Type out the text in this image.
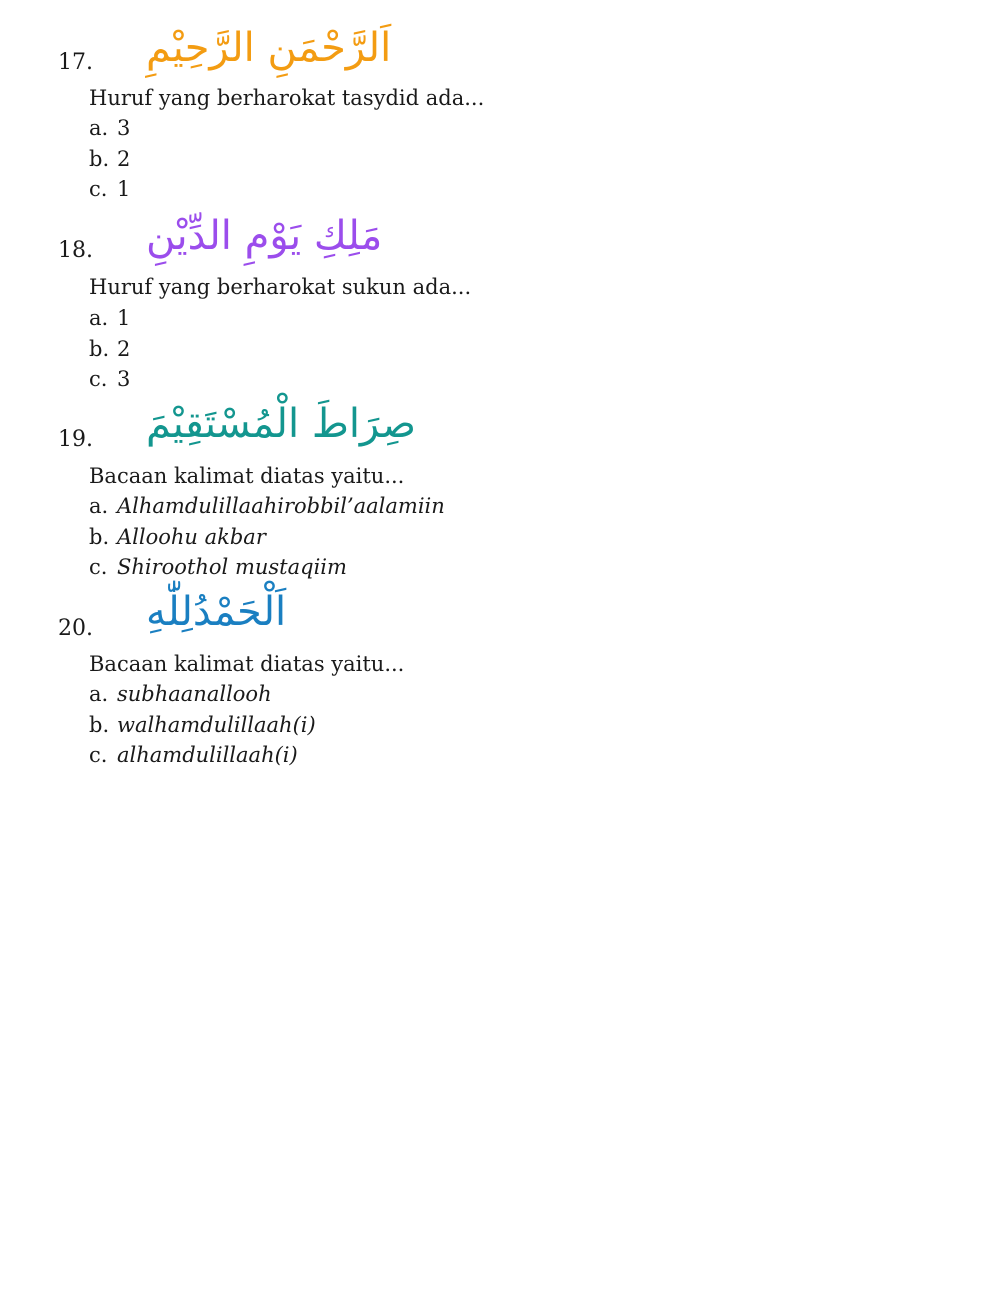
اَلرَّحْمَنِ الرَّحِيْمِ
17.
Huruf yang berharokat tasydid ada...
a. 3
b. 2
c. 1
مَلِكِ يَوْمِ الدِّيْنِ
18.
Huruf yang berharokat sukun ada...
a. 1
b. 2
c. 3
صِرَاطَ الْمُسْتَقِيْمَ
19.
Bacaan kalimat diatas yaitu...
a. Alhamdulillaahirobbil’aalamiin
b. Alloohu akbar
c. Shiroothol mustaqiim
اَلْحَمْدُلِلّٰهِ
20.
Bacaan kalimat diatas yaitu...
a. subhaanallooh
b. walhamdulillaah(i)
c. alhamdulillaah(i)
